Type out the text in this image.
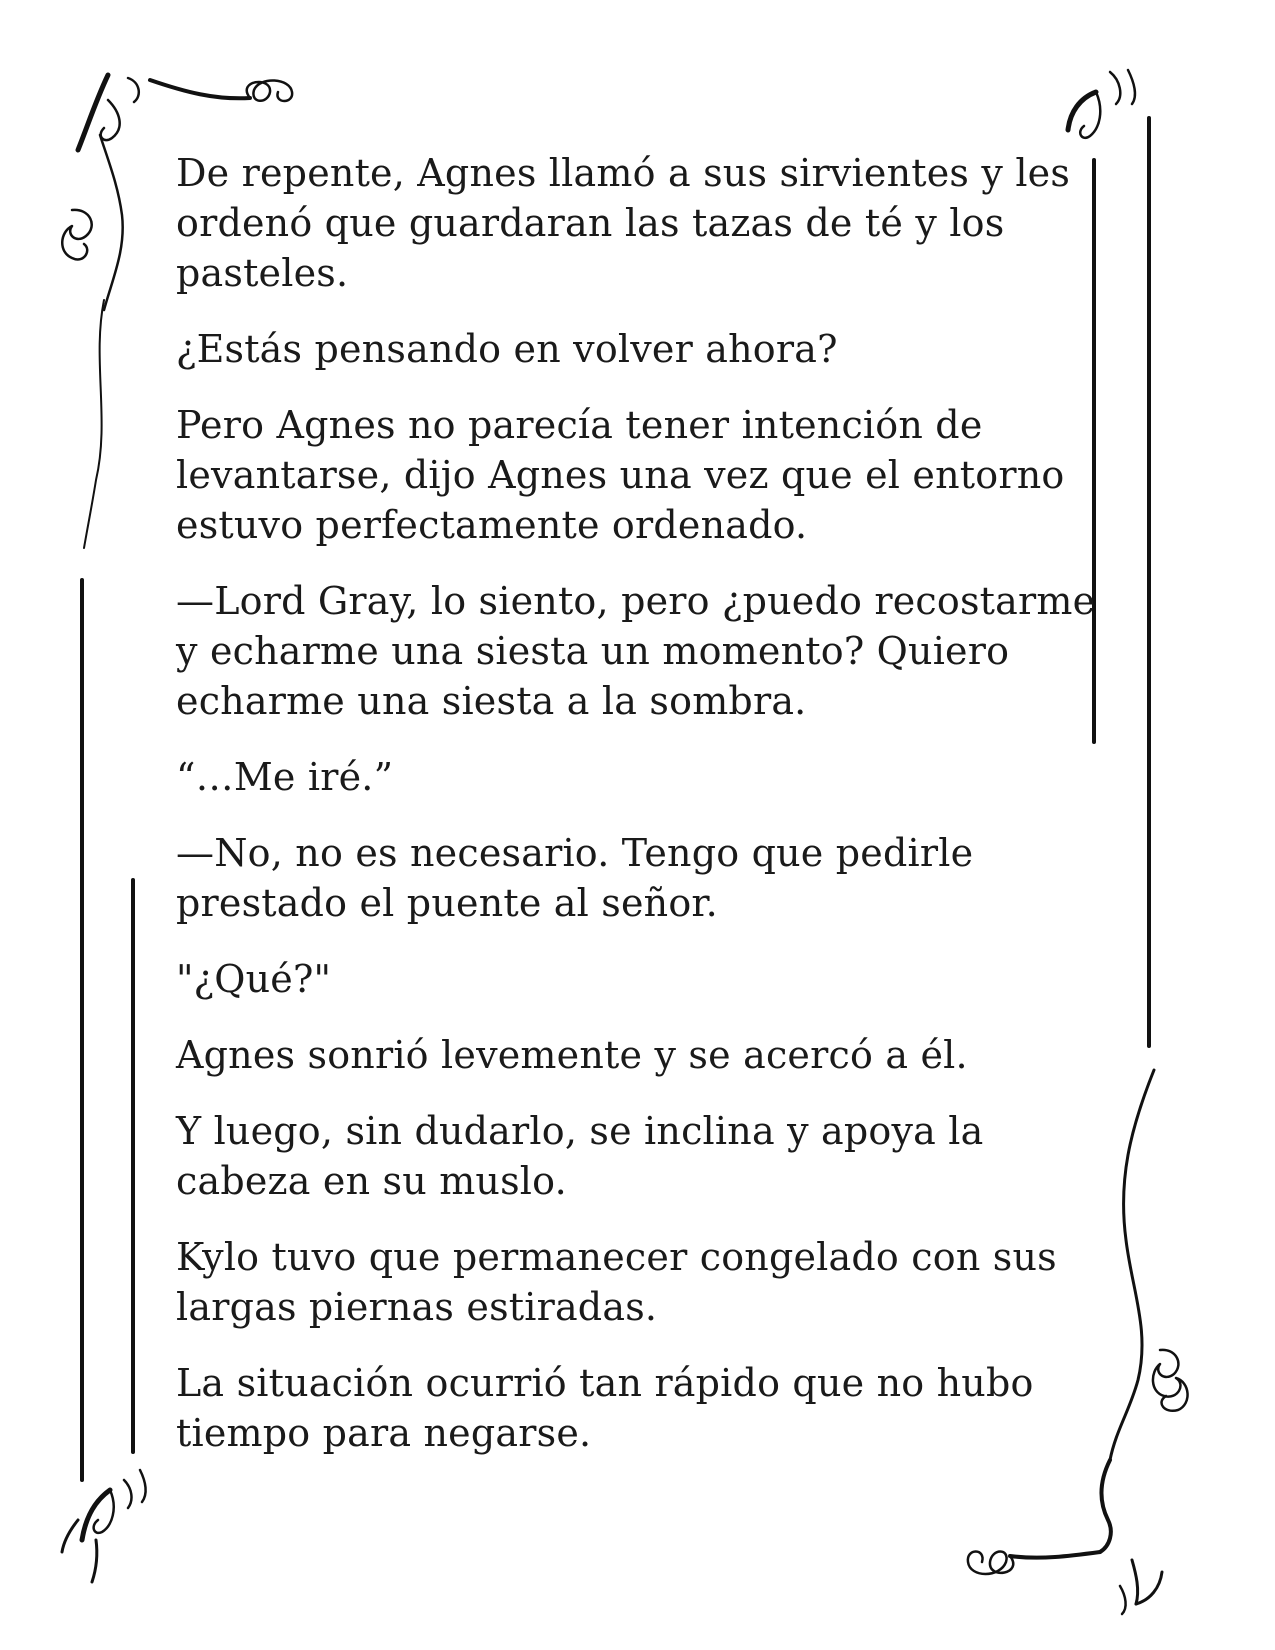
De repente, Agnes llamó a sus sirvientes y les ordenó que guardaran las tazas de té y los pasteles.

¿Estás pensando en volver ahora?

Pero Agnes no parecía tener intención de levantarse, dijo Agnes una vez que el entorno estuvo perfectamente ordenado.

—Lord Gray, lo siento, pero ¿puedo recostarme y echarme una siesta un momento? Quiero echarme una siesta a la sombra.

“…Me iré.”

—No, no es necesario. Tengo que pedirle prestado el puente al señor.

"¿Qué?"

Agnes sonrió levemente y se acercó a él.

Y luego, sin dudarlo, se inclina y apoya la cabeza en su muslo.

Kylo tuvo que permanecer congelado con sus largas piernas estiradas.

La situación ocurrió tan rápido que no hubo tiempo para negarse.
